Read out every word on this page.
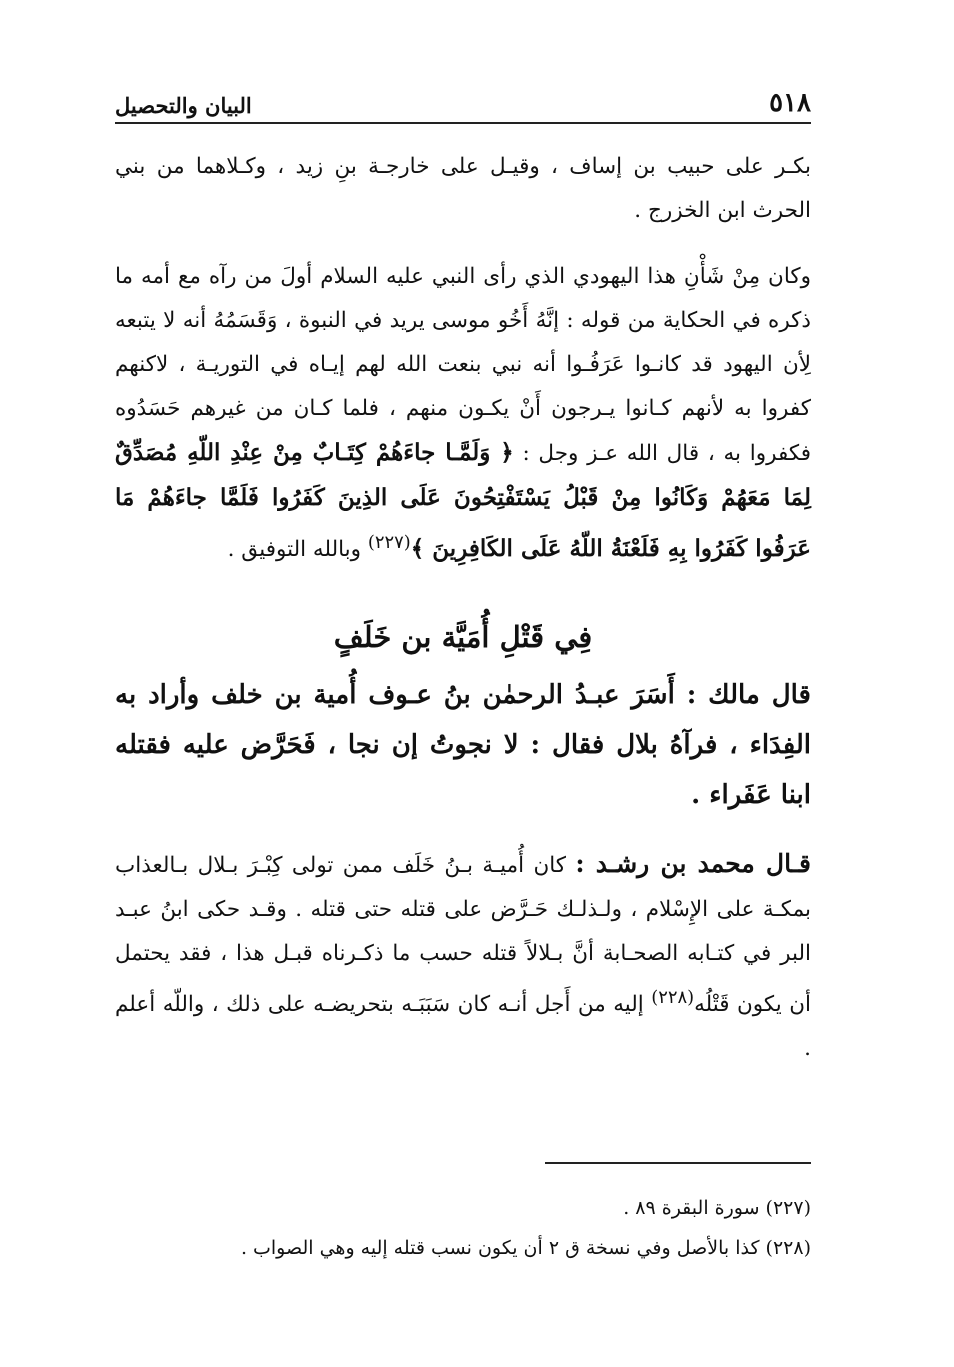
٥١٨
البيان والتحصيل

بكـر على حبيب بن إساف ، وقيـل على خارجـة بنِ زيد ، وكـلاهما من بني الحرث ابن الخزرج .

وكان مِنْ شَأْنِ هذا اليهودي الذي رأى النبي عليه السلام أولَ من رآه مع أمه ما ذكره في الحكاية من قوله : إنَّهُ أَخُو موسى يريد في النبوة ، وَقَسَمُهُ أنه لا يتبعه لِأن اليهود قد كانـوا عَرَفُـوا أنه نبي بنعت الله لهم إيـاه في التوريـة ، لاكنهم كفروا به لأنهم كـانوا يـرجون أَنْ يكـون منهم ، فلما كـان من غيرهم حَسَدُوه فكفروا به ، قال الله عـز وجل : ﴿ وَلَمَّـا جاءَهُمْ كِتَـابٌ مِنْ عِنْدِ اللّهِ مُصَدِّقٌ لِمَا مَعَهُمْ وَكَانُوا مِنْ قَبْلُ يَسْتَفْتِحُونَ عَلَى الذِينَ كَفَرُوا فَلَمَّا جاءَهُمْ مَا عَرَفُوا كَفَرُوا بِهِ فَلَعْنَةُ اللّهُ عَلَى الكَافِرِينَ ﴾$^{(٢٢٧)}$ وبالله التوفيق .

فِي قَتْلِ أُمَيَّة بن خَلَفٍ

قال مالك : أَسَرَ عبـدُ الرحمٰن بنُ عـوف أُمية بن خلف وأراد به الفِدَاء ، فرآهُ بلال فقال : لا نجوتُ إن نجا ، فَحَرَّض عليه فقتله ابنا عَفَراء .

قـال محمد بن رشـد : كان أُميـة بـنُ خَلَف ممن تولى كِبْـرَ بـلال بـالعذاب بمكـة على الإِسْلام ، ولـذلـك حَـرَّض على قتله حتى قتله . وقـد حكى ابنُ عبـد البر في كتـابه الصحـابة أنَّ بـلالاً قتله حسب ما ذكـرناه قبـل هذا ، فقد يحتمل أن يكون قَتْلُه$^{(٢٢٨)}$ إليه من أَجل أنـه كان سَبَبَـه بتحريضـه على ذلك ، واللّه أعلم .

(٢٢٧) سورة البقرة ٨٩ .
(٢٢٨) كذا بالأصل وفي نسخة ق ٢ أن يكون نسب قتله إليه وهي الصواب .
